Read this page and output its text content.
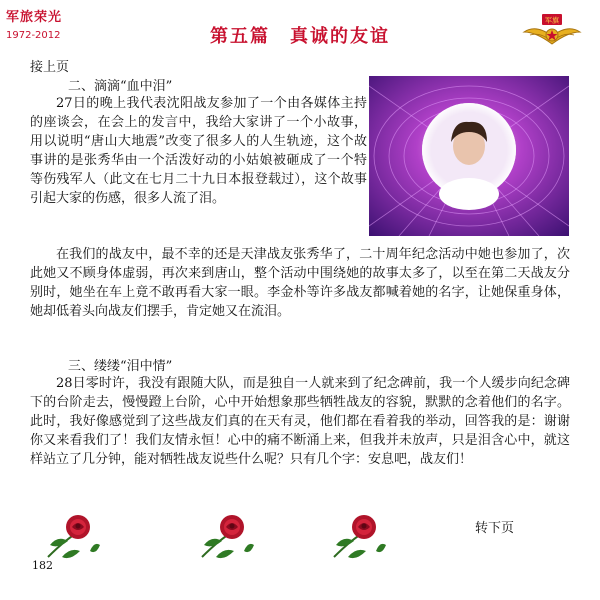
军旅荣光
1972-2012	第五篇　真诚的友谊
军旗
接上页
二、滴滴“血中泪”

27日的晚上我代表沈阳战友参加了一个由各媒体主持的座谈会，在会上的发言中，我给大家讲了一个小故事，用以说明“唐山大地震”改变了很多人的人生轨迹，这个故事讲的是张秀华由一个活泼好动的小姑娘被砸成了一个特等伤残军人（此文在七月二十九日本报登载过），这个故事引起大家的伤感，很多人流了泪。

在我们的战友中，最不幸的还是天津战友张秀华了，二十周年纪念活动中她也参加了，次此她又不顾身体虚弱，再次来到唐山，整个活动中围绕她的故事太多了，以至在第二天战友分别时，她坐在车上竟不敢再看大家一眼。李金朴等许多战友都喊着她的名字，让她保重身体，她却低着头向战友们摆手，肯定她又在流泪。

三、缕缕“泪中情”

28日零时许，我没有跟随大队，而是独自一人就来到了纪念碑前，我一个人缓步向纪念碑下的台阶走去，慢慢蹬上台阶，心中开始想象那些牺牲战友的容貌，默默的念着他们的名字。此时，我好像感觉到了这些战友们真的在天有灵，他们都在看着我的举动，回答我的是：谢谢你又来看我们了！我们友情永恒！心中的痛不断涌上来，但我并未放声，只是泪含心中，就这样站立了几分钟，能对牺牲战友说些什么呢？只有几个字：安息吧，战友们！

转下页
182
